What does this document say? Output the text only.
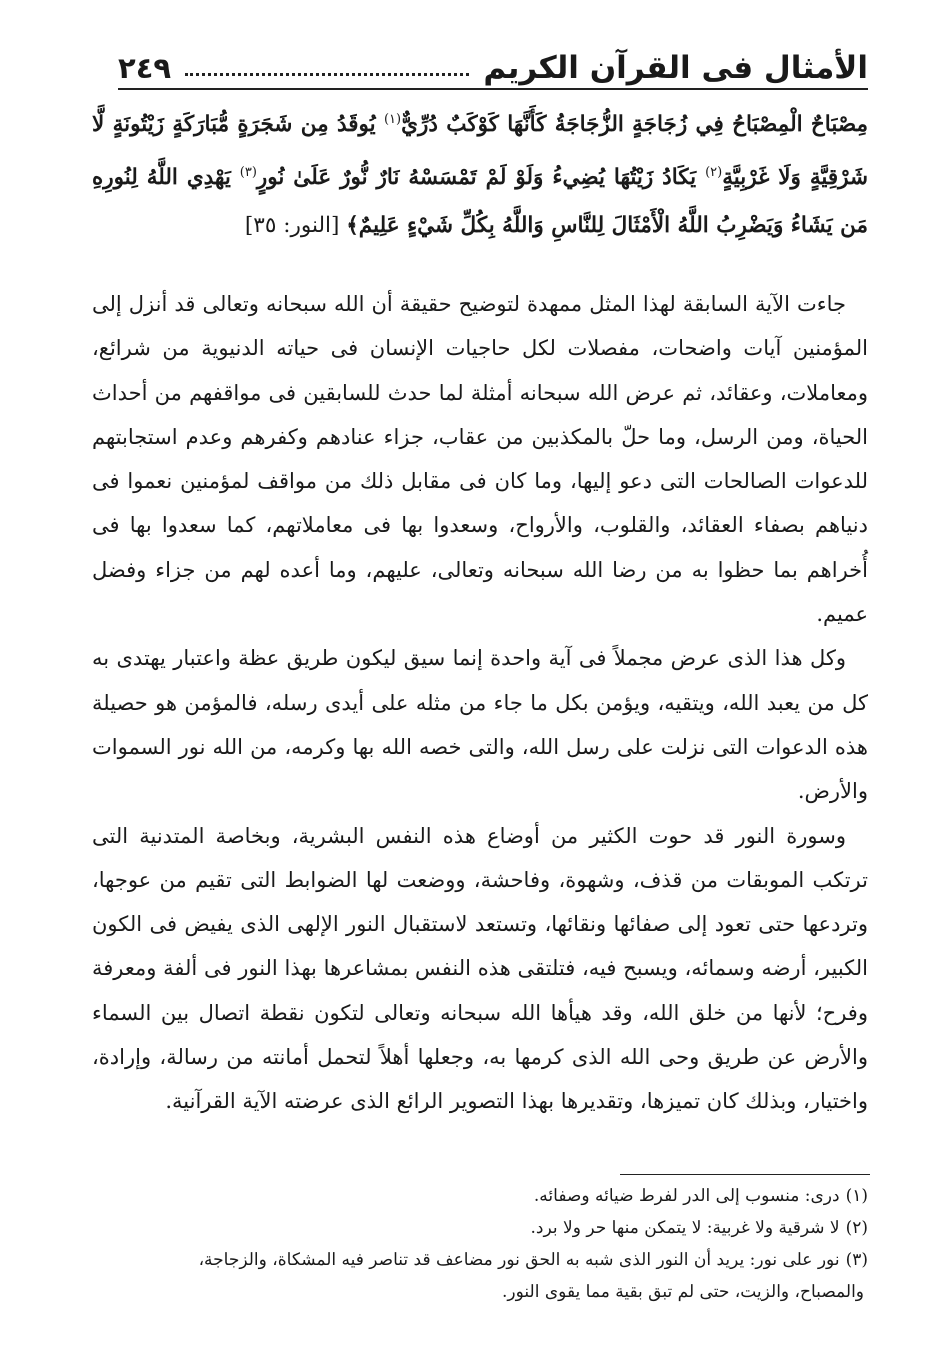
الأمثال فى القرآن الكريم
٢٤٩
مِصْبَاحٌ الْمِصْبَاحُ فِي زُجَاجَةٍ الزُّجَاجَةُ كَأَنَّهَا كَوْكَبٌ دُرِّيٌّ$^{(١)}$ يُوقَدُ مِن شَجَرَةٍ مُّبَارَكَةٍ زَيْتُونَةٍ لَّا شَرْقِيَّةٍ وَلَا غَرْبِيَّةٍ$^{(٢)}$ يَكَادُ زَيْتُهَا يُضِيءُ وَلَوْ لَمْ تَمْسَسْهُ نَارٌ نُّورٌ عَلَىٰ نُورٍ$^{(٣)}$ يَهْدِي اللَّهُ لِنُورِهِ مَن يَشَاءُ وَيَضْرِبُ اللَّهُ الْأَمْثَالَ لِلنَّاسِ وَاللَّهُ بِكُلِّ شَيْءٍ عَلِيمٌ﴾ [النور: ٣٥]

جاءت الآية السابقة لهذا المثل ممهدة لتوضيح حقيقة أن الله سبحانه وتعالى قد أنزل إلى المؤمنين آيات واضحات، مفصلات لكل حاجيات الإنسان فى حياته الدنيوية من شرائع، ومعاملات، وعقائد، ثم عرض الله سبحانه أمثلة لما حدث للسابقين فى مواقفهم من أحداث الحياة، ومن الرسل، وما حلّ بالمكذبين من عقاب، جزاء عنادهم وكفرهم وعدم استجابتهم للدعوات الصالحات التى دعو إليها، وما كان فى مقابل ذلك من مواقف لمؤمنين نعموا فى دنياهم بصفاء العقائد، والقلوب، والأرواح، وسعدوا بها فى معاملاتهم، كما سعدوا بها فى أُخراهم بما حظوا به من رضا الله سبحانه وتعالى، عليهم، وما أعده لهم من جزاء وفضل عميم.

وكل هذا الذى عرض مجملاً فى آية واحدة إنما سيق ليكون طريق عظة واعتبار يهتدى به كل من يعبد الله، ويتقيه، ويؤمن بكل ما جاء من مثله على أيدى رسله، فالمؤمن هو حصيلة هذه الدعوات التى نزلت على رسل الله، والتى خصه الله بها وكرمه، من الله نور السموات والأرض.

وسورة النور قد حوت الكثير من أوضاع هذه النفس البشرية، وبخاصة المتدنية التى ترتكب الموبقات من قذف، وشهوة، وفاحشة، ووضعت لها الضوابط التى تقيم من عوجها، وتردعها حتى تعود إلى صفائها ونقائها، وتستعد لاستقبال النور الإلهى الذى يفيض فى الكون الكبير، أرضه وسمائه، ويسبح فيه، فتلتقى هذه النفس بمشاعرها بهذا النور فى ألفة ومعرفة وفرح؛ لأنها من خلق الله، وقد هيأها الله سبحانه وتعالى لتكون نقطة اتصال بين السماء والأرض عن طريق وحى الله الذى كرمها به، وجعلها أهلاً لتحمل أمانته من رسالة، وإرادة، واختيار، وبذلك كان تميزها، وتقديرها بهذا التصوير الرائع الذى عرضته الآية القرآنية.

(١)درى: منسوب إلى الدر لفرط ضيائه وصفائه.

(٢)لا شرقية ولا غربية: لا يتمكن منها حر ولا برد.

(٣)نور على نور: يريد أن النور الذى شبه به الحق نور مضاعف قد تناصر فيه المشكاة، والزجاجة،

والمصباح، والزيت، حتى لم تبق بقية مما يقوى النور.
